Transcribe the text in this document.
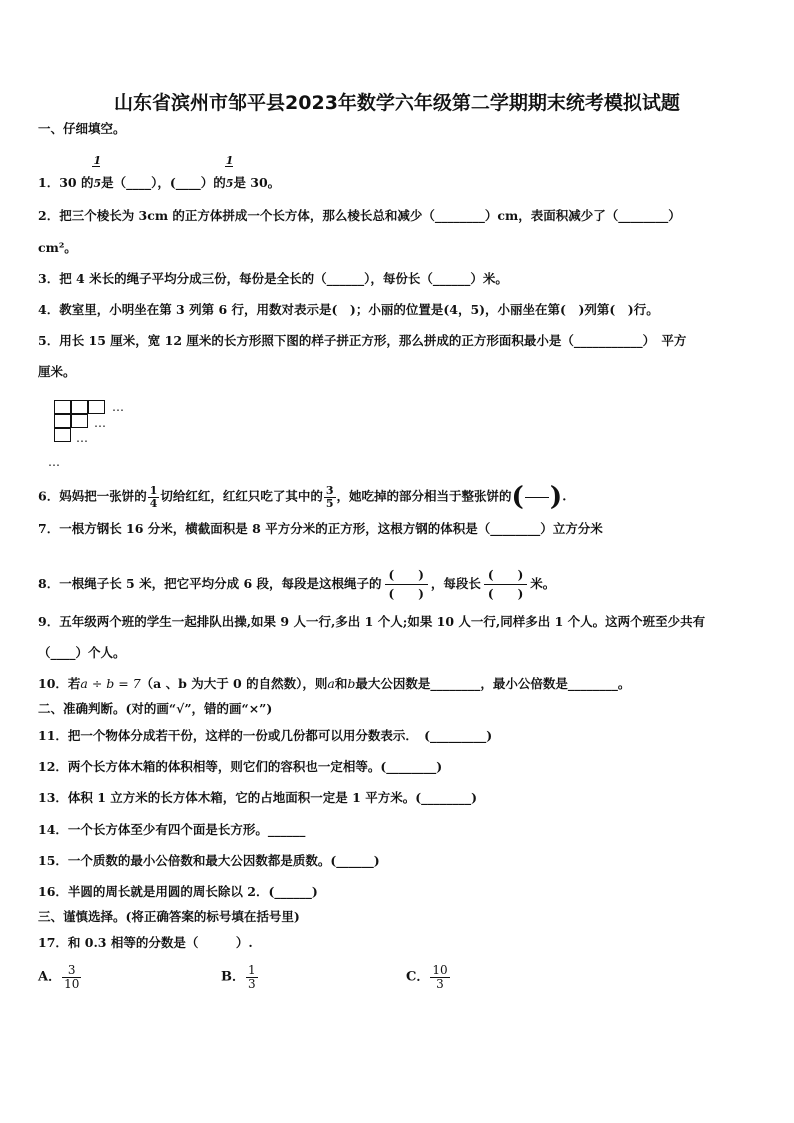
山东省滨州市邹平县2023年数学六年级第二学期期末统考模拟试题
一、仔细填空。
1．30 的 $\frac{1}{5}$是（____），(____）的 $\frac{1}{5}$是 30。
2．把三个棱长为 3cm 的正方体拼成一个长方体，那么棱长总和减少（________）cm，表面积减少了（________）
cm²。
3．把 4 米长的绳子平均分成三份，每份是全长的（______），每份长（______）米。
4．教室里，小明坐在第 3 列第 6 行，用数对表示是(　)；小丽的位置是(4，5)，小丽坐在第(　)列第(　)行。
5．用长 15 厘米，宽 12 厘米的长方形照下图的样子拼正方形，那么拼成的正方形面积最小是（___________）　平方
厘米。
…
…
…
…
6．妈妈把一张饼的 $\frac{1}{4}$ 切给红红，红红只吃了其中的 $\frac{3}{5}$ ，她吃掉的部分相当于整张饼的( ).
7．一根方钢长 16 分米，横截面积是 8 平方分米的正方形，这根方钢的体积是（________）立方分米
8．一根绳子长 5 米，把它平均分成 6 段，每段是这根绳子的
(　　)
(　　)
，每段长
(　　)
(　　)
米。
9．五年级两个班的学生一起排队出操,如果 9 人一行,多出 1 个人;如果 10 人一行,同样多出 1 个人。这两个班至少共有
（____）个人。
10．若a ÷ b = 7（a 、b 为大于 0 的自然数），则a和b最大公因数是________，最小公倍数是________。
二、准确判断。(对的画“√”，错的画“×”)
11．把一个物体分成若干份，这样的一份或几份都可以用分数表示．　(_________)
12．两个长方体木箱的体积相等，则它们的容积也一定相等。(________)
13．体积 1 立方米的长方体木箱，它的占地面积一定是 1 平方米。(________)
14．一个长方体至少有四个面是长方形。______
15．一个质数的最小公倍数和最大公因数都是质数。(______)
16．半圆的周长就是用圆的周长除以 2．(______)
三、谨慎选择。(将正确答案的标号填在括号里)
17．和 0.3 相等的分数是（　　　）.
A． $\frac{3}{10}$	B． $\frac{1}{3}$	C． $\frac{10}{3}$
